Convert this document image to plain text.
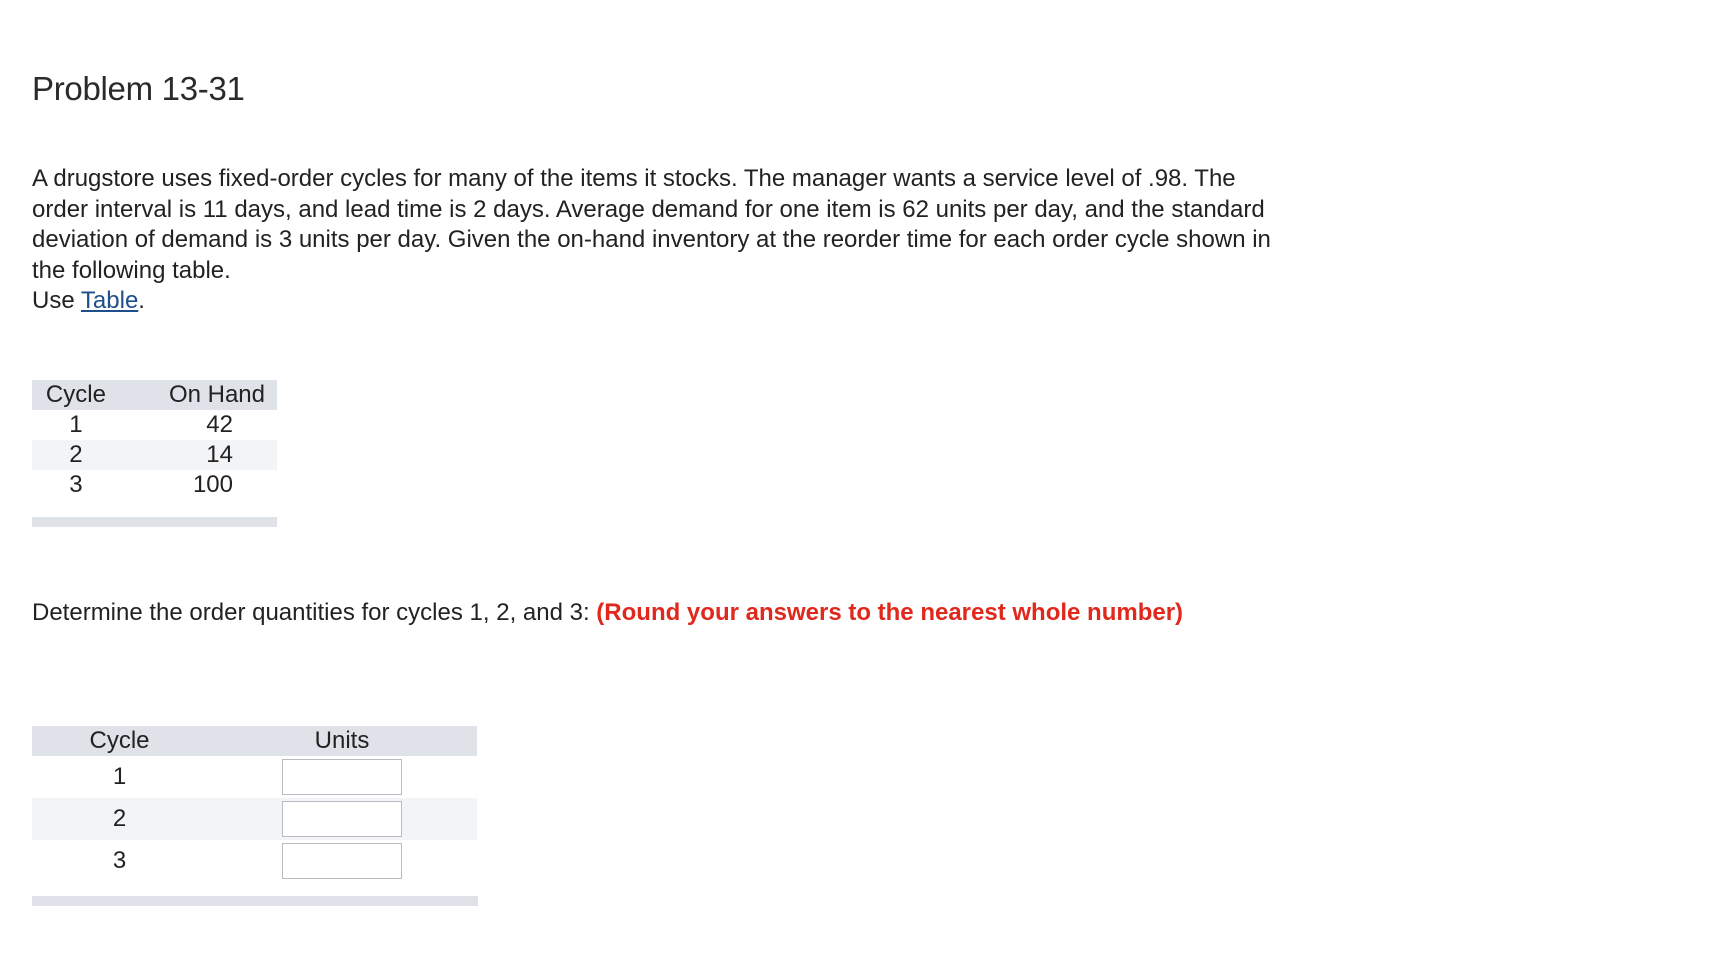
Problem 13-31

A drugstore uses fixed-order cycles for many of the items it stocks. The manager wants a service level of .98. The order interval is 11 days, and lead time is 2 days. Average demand for one item is 62 units per day, and the standard deviation of demand is 3 units per day. Given the on-hand inventory at the reorder time for each order cycle shown in the following table.

Use Table.

Cycle	On Hand
1	42
2	14
3	100
Determine the order quantities for cycles 1, 2, and 3: (Round your answers to the nearest whole number)
Cycle	Units
1	

2	

3	
